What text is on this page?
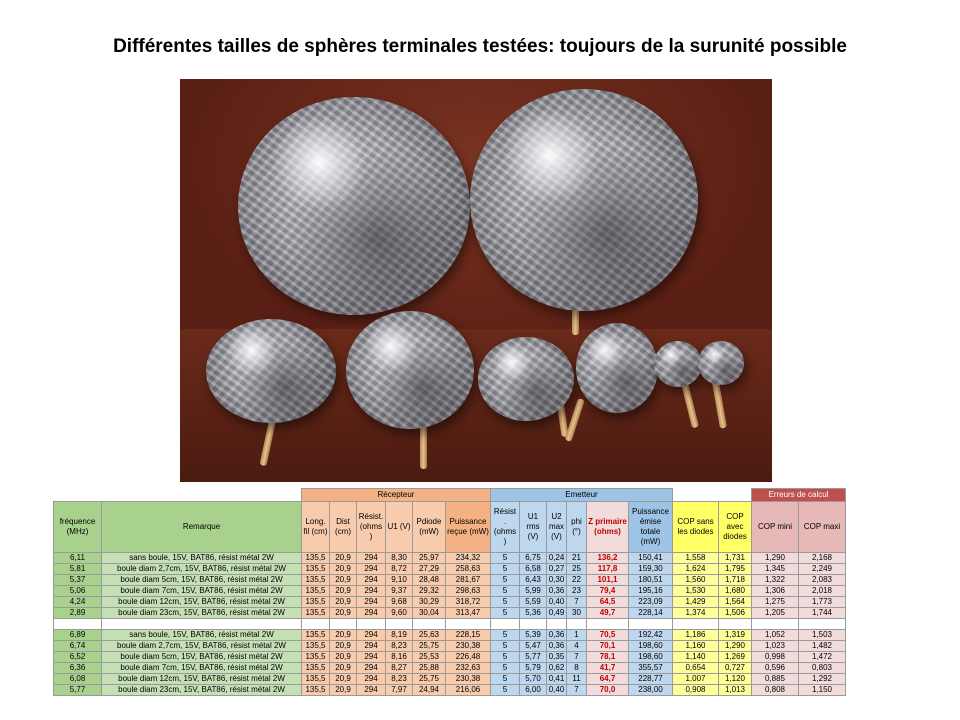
Différentes tailles de sphères terminales testées: toujours de la surunité possible
		Récepteur						Emetteur								Erreurs de calcul	
fréquence (MHz)	Remarque	Long. fil (cm)	Dist (cm)	Résist. (ohms )	U1 (V)	Pdiode (mW)	Puissance reçue (mW)	Résist . (ohms )	U1 rms (V)	U2 max (V)	phi (°)	Z primaire (ohms)	Puissance émise totale (mW)	COP sans les diodes	COP avec diodes	COP mini	COP maxi
6,11	sans boule, 15V, BAT86, résist métal 2W	135,5	20,9	294	8,30	25,97	234,32	5	6,75	0,24	21	136,2	150,41	1,558	1,731	1,290	2,168
5,81	boule diam 2,7cm, 15V, BAT86, résist métal 2W	135,5	20,9	294	8,72	27,29	258,63	5	6,58	0,27	25	117,8	159,30	1,624	1,795	1,345	2,249
5,37	boule diam 5cm, 15V, BAT86, résist métal 2W	135,5	20,9	294	9,10	28,48	281,67	5	6,43	0,30	22	101,1	180,51	1,560	1,718	1,322	2,083
5,06	boule diam 7cm, 15V, BAT86, résist métal 2W	135,5	20,9	294	9,37	29,32	298,63	5	5,99	0,36	23	79,4	195,16	1,530	1,680	1,306	2,018
4,24	boule diam 12cm, 15V, BAT86, résist métal 2W	135,5	20,9	294	9,68	30,29	318,72	5	5,59	0,40	7	64,5	223,09	1,429	1,564	1,275	1,773
2,89	boule diam 23cm, 15V, BAT86, résist métal 2W	135,5	20,9	294	9,60	30,04	313,47	5	5,36	0,49	30	49,7	228,14	1,374	1,506	1,205	1,744

6,89	sans boule, 15V, BAT86, résist métal 2W	135,5	20,9	294	8,19	25,63	228,15	5	5,39	0,36	1	70,5	192,42	1,186	1,319	1,052	1,503
6,74	boule diam 2,7cm, 15V, BAT86, résist métal 2W	135,5	20,9	294	8,23	25,75	230,38	5	5,47	0,36	4	70,1	198,60	1,160	1,290	1,023	1,482
6,52	boule diam 5cm, 15V, BAT86, résist métal 2W	135,5	20,9	294	8,16	25,53	226,48	5	5,77	0,35	7	78,1	198,60	1,140	1,269	0,998	1,472
6,36	boule diam 7cm, 15V, BAT86, résist métal 2W	135,5	20,9	294	8,27	25,88	232,63	5	5,79	0,62	8	41,7	355,57	0,654	0,727	0,596	0,803
6,08	boule diam 12cm, 15V, BAT86, résist métal 2W	135,5	20,9	294	8,23	25,75	230,38	5	5,70	0,41	11	64,7	228,77	1,007	1,120	0,885	1,292
5,77	boule diam 23cm, 15V, BAT86, résist métal 2W	135,5	20,9	294	7,97	24,94	216,06	5	6,00	0,40	7	70,0	238,00	0,908	1,013	0,808	1,150
